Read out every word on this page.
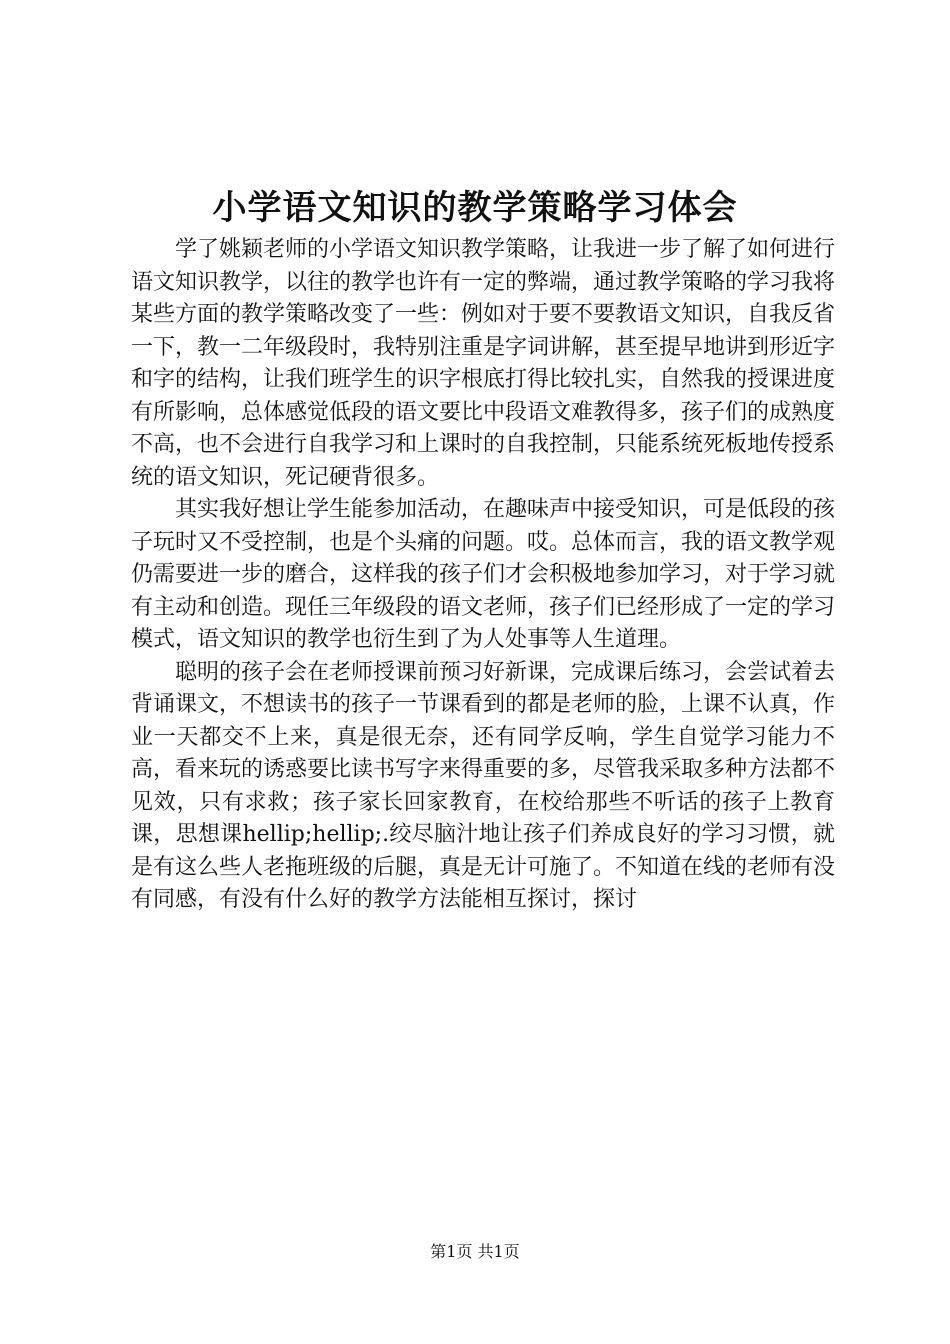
小学语文知识的教学策略学习体会

学了姚颖老师的小学语文知识教学策略，让我进一步了解了如何进行语文知识教学，以往的教学也许有一定的弊端，通过教学策略的学习我将某些方面的教学策略改变了一些：例如对于要不要教语文知识，自我反省一下，教一二年级段时，我特别注重是字词讲解，甚至提早地讲到形近字和字的结构，让我们班学生的识字根底打得比较扎实，自然我的授课进度有所影响，总体感觉低段的语文要比中段语文难教得多，孩子们的成熟度不高，也不会进行自我学习和上课时的自我控制，只能系统死板地传授系统的语文知识，死记硬背很多。

其实我好想让学生能参加活动，在趣味声中接受知识，可是低段的孩子玩时又不受控制，也是个头痛的问题。哎。总体而言，我的语文教学观仍需要进一步的磨合，这样我的孩子们才会积极地参加学习，对于学习就有主动和创造。现任三年级段的语文老师，孩子们已经形成了一定的学习模式，语文知识的教学也衍生到了为人处事等人生道理。

聪明的孩子会在老师授课前预习好新课，完成课后练习，会尝试着去背诵课文，不想读书的孩子一节课看到的都是老师的脸，上课不认真，作业一天都交不上来，真是很无奈，还有同学反响，学生自觉学习能力不高，看来玩的诱惑要比读书写字来得重要的多，尽管我采取多种方法都不见效，只有求救；孩子家长回家教育，在校给那些不听话的孩子上教育课，思想课hellip;hellip;.绞尽脑汁地让孩子们养成良好的学习习惯，就是有这么些人老拖班级的后腿，真是无计可施了。不知道在线的老师有没有同感，有没有什么好的教学方法能相互探讨，探讨

第1页 共1页
